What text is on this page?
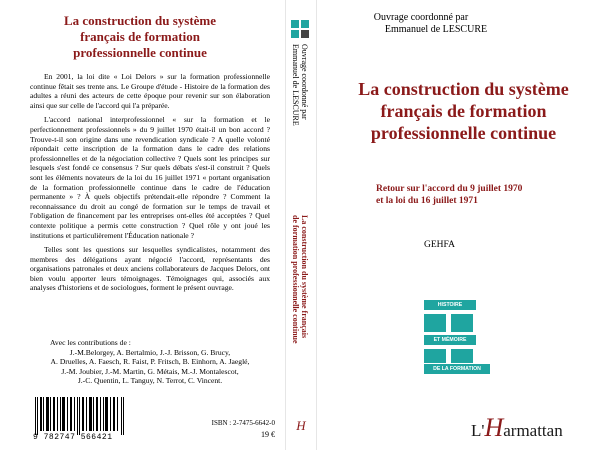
La construction du système
français de formation
professionnelle continue

En 2001, la loi dite « Loi Delors » sur la formation professionnelle continue fêtait ses trente ans. Le Groupe d'étude - Histoire de la formation des adultes a réuni des acteurs de cette époque pour revenir sur son élaboration ainsi que sur celle de l'accord qui l'a préparée.

L'accord national interprofessionnel « sur la formation et le perfectionnement professionnels » du 9 juillet 1970 était-il un bon accord ? Trouve-t-il son origine dans une revendication syndicale ? A quelle volonté répondait cette inscription de la formation dans le cadre des relations professionnelles et de la négociation collective ? Quels sont les principes sur lesquels s'est fondé ce consensus ? Sur quels débats s'est-il construit ? Quels sont les éléments novateurs de la loi du 16 juillet 1971 « portant organisation de la formation professionnelle continue dans le cadre de l'éducation permanente » ? À quels objectifs prétendait-elle répondre ? Comment la reconnaissance du droit au congé de formation sur le temps de travail et l'obligation de financement par les entreprises ont-elles été acceptées ? Quel contexte politique a permis cette construction ? Quel rôle y ont joué les institutions et particulièrement l'Éducation nationale ?

Telles sont les questions sur lesquelles syndicalistes, notamment des membres des délégations ayant négocié l'accord, représentants des organisations patronales et deux anciens collaborateurs de Jacques Delors, ont bien voulu apporter leurs témoignages. Témoignages qui, associés aux analyses d'historiens et de sociologues, forment le présent ouvrage.

Avec les contributions de :

J.-M.Belorgey, A. Bertalmio, J.-J. Brisson, G. Brucy,

A. Druelles, A. Faesch, R. Faist, P. Fritsch, B. Einhorn, A. Jaeglé,

J.-M. Joubier, J.-M. Martin, G. Métais, M.-J. Montalescot,

J.-C. Quentin, L. Tanguy, N. Terrot, C. Vincent.

9 782747 566421
ISBN : 2-7475-6642-0
19 €
Ouvrage coordonné par
Emmanuel de LESCURE
La construction du système français
de formation professionnelle continue
H
Ouvrage coordonné par
Emmanuel de LESCURE
La construction du système
français de formation
professionnelle continue
Retour sur l'accord du 9 juillet 1970
et la loi du 16 juillet 1971
GEHFA
HISTOIRE
ET MÉMOIRE
DE LA FORMATION
L'Harmattan
